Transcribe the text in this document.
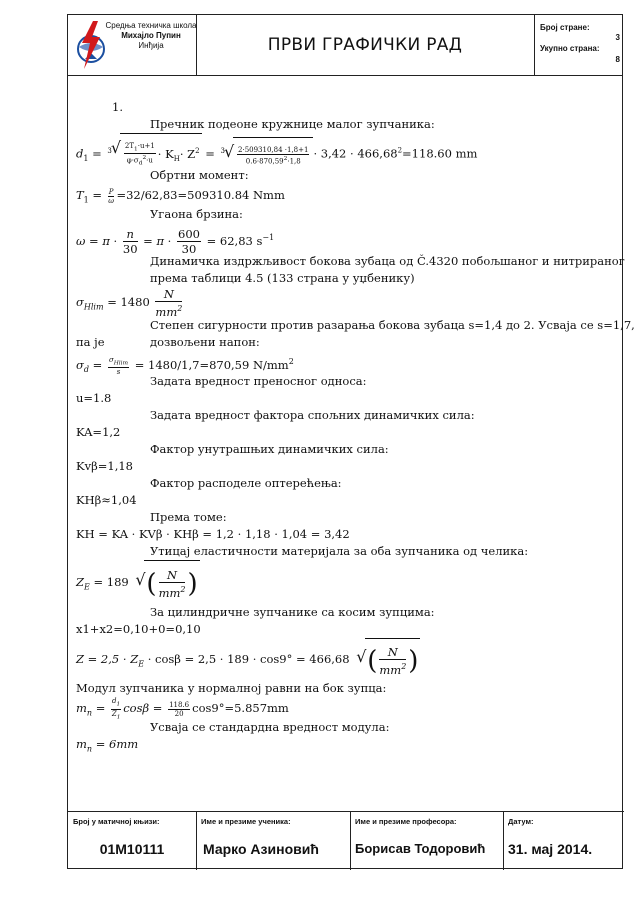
Средња техничка школа
Михајло Пупин
Инђија	ПРВИ ГРАФИЧКИ РАД
Број стране:
3
Укупно страна:
8
1.
Пречник подеоне кружнице малог зупчаника:
$d_1 = ^3$ √ $\frac{2T_1\cdot u+1}{\varphi\cdot\sigma_d^2\cdot u} \cdot K_H\cdot Z^2 = ^3$ √ $\frac{2\cdot 509310,84 \cdot 1,8+1}{0.6\cdot 870,59^2\cdot 1,8} \cdot 3,42 \cdot 466,68^2=118.60$ mm
Обртни момент:
$T_1 = \frac{P}{\omega} =32/62,83=509310.84$ Nmm
Угаона брзина:
$\omega = \pi \cdot \frac{n}{30} = \pi \cdot \frac{600}{30} = 62,83$ $s^{-1}$
Динамичка издржљивост бокова зубаца од Č.4320 побољшаног и нитрираног
према таблици 4.5 (133 страна у уџбенику)
$\sigma_{Hlim} = 1480 \frac{N}{mm^2}$
Степен сигурности против разарања бокова зубаца s=1,4 до 2. Усваја се s=1,7,
па је	дозвољени напон:
$\sigma_d = \frac{\sigma_{Hlim}}{s} = 1480/1,7=870,59$ $N/mm^2$
Задата вредност преносног односа:
u=1.8
Задата вредност фактора спољних динамичких сила:
KA=1,2
Фактор унутрашњих динамичких сила:
Kvβ=1,18
Фактор расподеле оптерећења:
KHβ≈1,04
Према томе:
KH = KA · KVβ · KHβ = 1,2 · 1,18 · 1,04 = 3,42
Утицај еластичности материјала за оба зупчаника од челика:
$Z_E = 189$ √ ( $\frac{N}{mm^2}$ )
За цилиндричне зупчанике са косим зупцима:
x1+x2=0,10+0=0,10
$Z = 2,5 \cdot Z_E \cdot \cos\beta = 2,5 \cdot 189 \cdot \cos 9^\circ = 466,68$ √ ( $\frac{N}{mm^2}$ )
Модул зупчаника у нормалној равни на бок зупца:
$m_n = \frac{d_1}{Z_1}$ $\cos\beta = \frac{118.6}{20} \cos 9^\circ=5.857mm$
Усваја се стандардна вредност модула:
$m_n = 6mm$
Број у матичној књизи:
01M10111
Име и презиме ученика:
Марко Азиновић
Име и презиме професора:
Борисав Тодоровић
Датум:
31. мај 2014.
